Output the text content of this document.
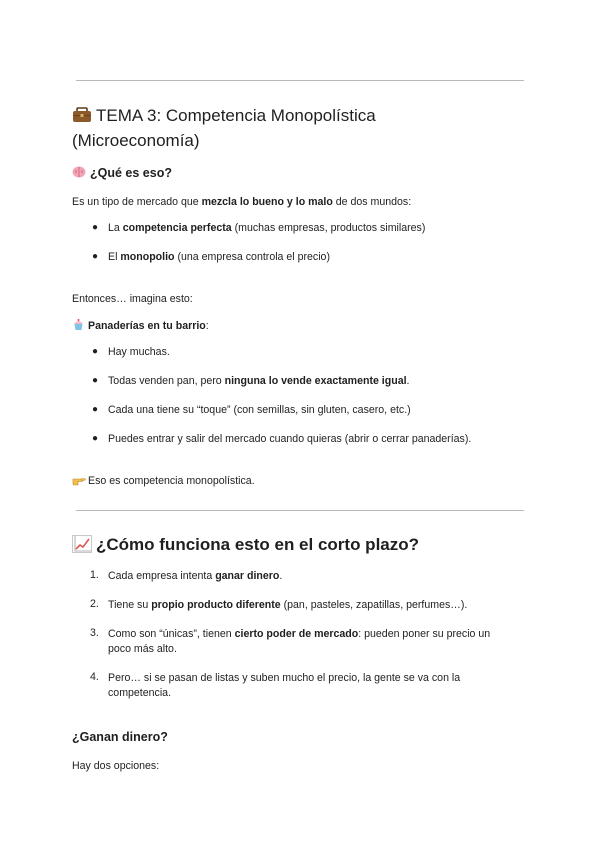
TEMA 3: Competencia Monopolística
(Microeconomía)
¿Qué es eso?
Es un tipo de mercado que mezcla lo bueno y lo malo de dos mundos:
● La competencia perfecta (muchas empresas, productos similares)
● El monopolio (una empresa controla el precio)
Entonces… imagina esto:
Panaderías en tu barrio:
● Hay muchas.
● Todas venden pan, pero ninguna lo vende exactamente igual.
● Cada una tiene su “toque” (con semillas, sin gluten, casero, etc.)
● Puedes entrar y salir del mercado cuando quieras (abrir o cerrar panaderías).
Eso es competencia monopolística.
¿Cómo funciona esto en el corto plazo?
1. Cada empresa intenta ganar dinero.
2. Tiene su propio producto diferente (pan, pasteles, zapatillas, perfumes…).
3. Como son “únicas”, tienen cierto poder de mercado: pueden poner su precio un
poco más alto.
4. Pero… si se pasan de listas y suben mucho el precio, la gente se va con la
competencia.
¿Ganan dinero?
Hay dos opciones:
